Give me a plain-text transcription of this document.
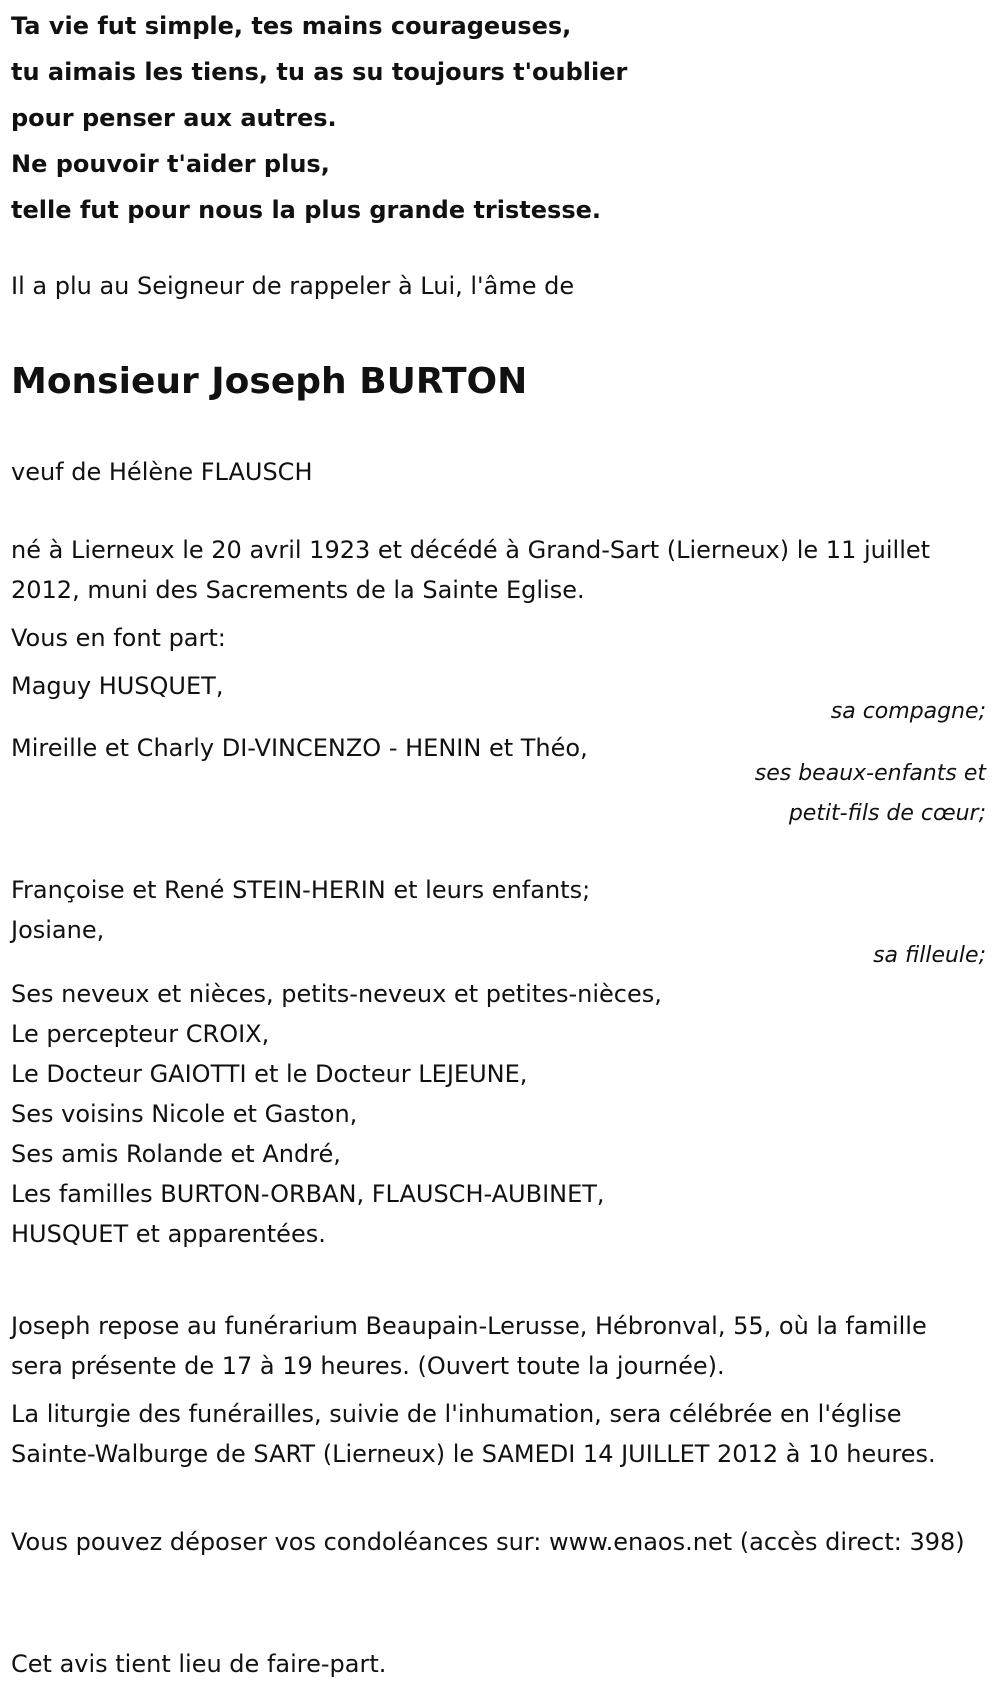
Ta vie fut simple, tes mains courageuses,

tu aimais les tiens, tu as su toujours t'oublier

pour penser aux autres.

Ne pouvoir t'aider plus,

telle fut pour nous la plus grande tristesse.

Il a plu au Seigneur de rappeler à Lui, l'âme de

Monsieur Joseph BURTON

veuf de Hélène FLAUSCH

né à Lierneux le 20 avril 1923 et décédé à Grand-Sart (Lierneux) le 11 juillet 2012, muni des Sacrements de la Sainte Eglise.

Vous en font part:

Maguy HUSQUET,

sa compagne;

Mireille et Charly DI-VINCENZO - HENIN et Théo,

ses beaux-enfants et petit-fils de cœur;

Françoise et René STEIN-HERIN et leurs enfants;

Josiane,

sa filleule;

Ses neveux et nièces, petits-neveux et petites-nièces,
Le percepteur CROIX,
Le Docteur GAIOTTI et le Docteur LEJEUNE,
Ses voisins Nicole et Gaston,
Ses amis Rolande et André,
Les familles BURTON-ORBAN, FLAUSCH-AUBINET,
HUSQUET et apparentées.

Joseph repose au funérarium Beaupain-Lerusse, Hébronval, 55, où la famille sera présente de 17 à 19 heures. (Ouvert toute la journée).

La liturgie des funérailles, suivie de l'inhumation, sera célébrée en l'église Sainte-Walburge de SART (Lierneux) le SAMEDI 14 JUILLET 2012 à 10 heures.

Vous pouvez déposer vos condoléances sur: www.enaos.net (accès direct: 398)

Cet avis tient lieu de faire-part.
